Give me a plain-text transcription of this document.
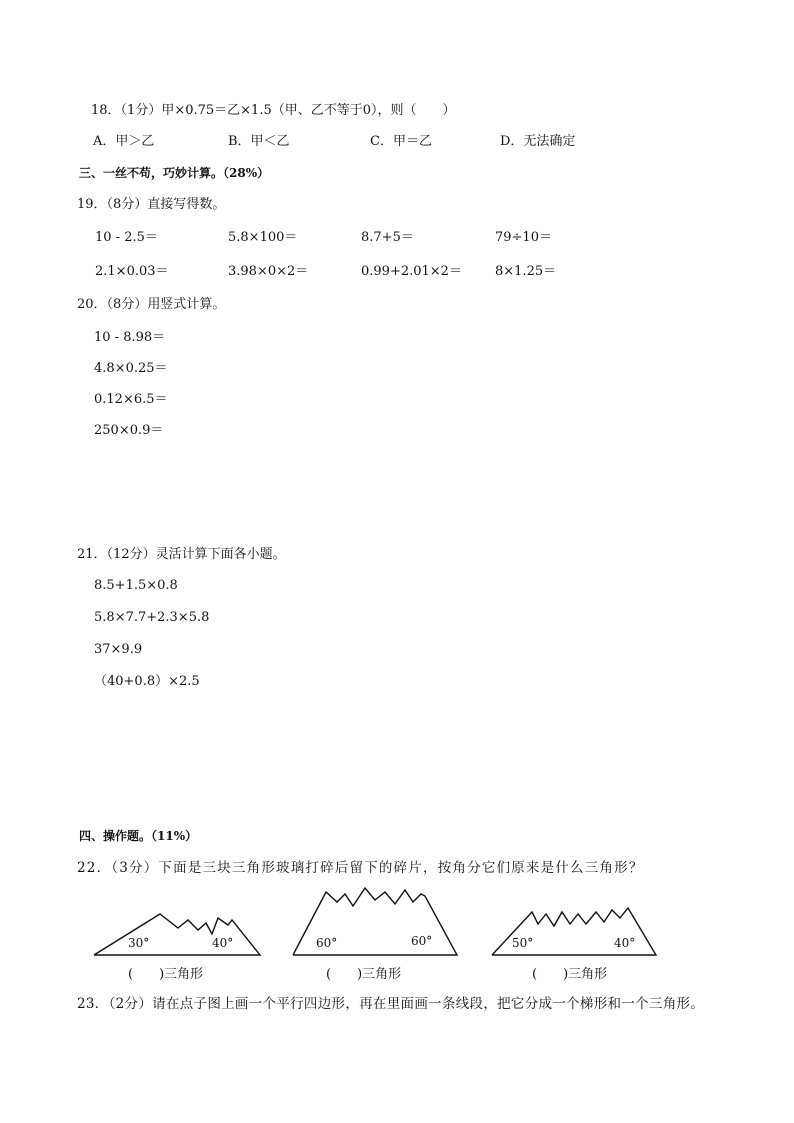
18．（1分）甲×0.75＝乙×1.5（甲、乙不等于0），则（　　）
A．甲＞乙	B．甲＜乙	C．甲＝乙	D．无法确定
三、一丝不苟，巧妙计算。（28%）
19．（8分）直接写得数。
10 - 2.5＝	5.8×100＝	8.7+5＝	79÷10＝
2.1×0.03＝	3.98×0×2＝	0.99+2.01×2＝	8×1.25＝
20．（8分）用竖式计算。
10 - 8.98＝
4.8×0.25＝
0.12×6.5＝
250×0.9＝
21．（12分）灵活计算下面各小题。
8.5+1.5×0.8
5.8×7.7+2.3×5.8
37×9.9
（40+0.8）×2.5
四、操作题。（11%）
22．（3分）下面是三块三角形玻璃打碎后留下的碎片，按角分它们原来是什么三角形？
30°	40°
(　　)三角形
60°	60°
(　　)三角形
50°	40°
(　　)三角形
23．（2分）请在点子图上画一个平行四边形，再在里面画一条线段，把它分成一个梯形和一个三角形。
